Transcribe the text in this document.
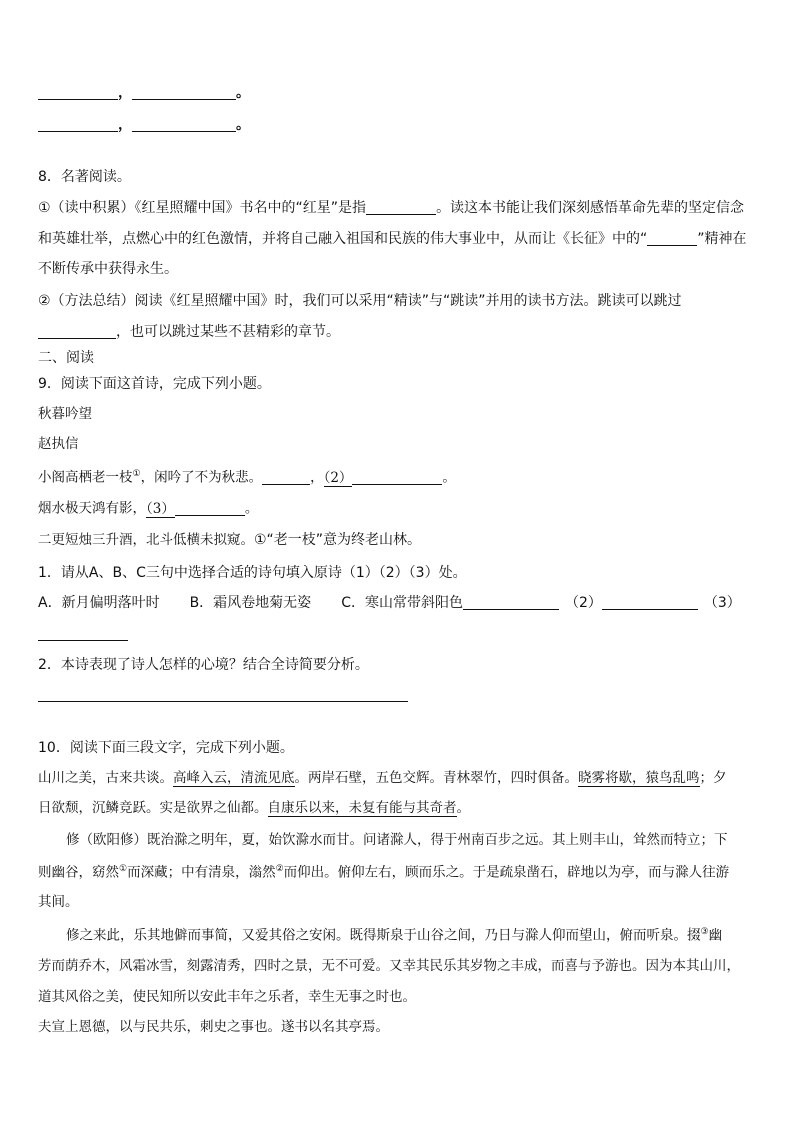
，	。
，	。
8．名著阅读。
①（读中积累）《红星照耀中国》书名中的“红星”是指	。读这本书能让我们深刻感悟革命先辈的坚定信念
和英雄壮举，点燃心中的红色激情，并将自己融入祖国和民族的伟大事业中，从而让《长征》中的“	”精神在
不断传承中获得永生。
②（方法总结）阅读《红星照耀中国》时，我们可以采用“精读”与“跳读”并用的读书方法。跳读可以跳过
，也可以跳过某些不甚精彩的章节。
二、阅读
9．阅读下面这首诗，完成下列小题。
秋暮吟望
赵执信
小阁高栖老一枝①，闲吟了不为秋悲。	，（2）	。
烟水极天鸿有影，（3）	。
二更短烛三升酒，北斗低横未拟窥。①“老一枝”意为终老山林。
1．请从A、B、C三句中选择合适的诗句填入原诗（1）（2）（3）处。
A．新月偏明落叶时 B．霜风卷地菊无姿 C．寒山常带斜阳色	（2）	（3）
2．本诗表现了诗人怎样的心境？结合全诗简要分析。
10．阅读下面三段文字，完成下列小题。
山川之美，古来共谈。高峰入云，清流见底。两岸石壁，五色交辉。青林翠竹，四时俱备。晓雾将歇，猿鸟乱鸣；夕
日欲颓，沉鳞竞跃。实是欲界之仙都。自康乐以来，未复有能与其奇者。
修（欧阳修）既治滁之明年，夏，始饮滁水而甘。问诸滁人，得于州南百步之远。其上则丰山，耸然而特立；下
则幽谷，窈然①而深藏；中有清泉，滃然②而仰出。俯仰左右，顾而乐之。于是疏泉凿石，辟地以为亭，而与滁人往游
其间。
修之来此，乐其地僻而事简，又爱其俗之安闲。既得斯泉于山谷之间，乃日与滁人仰而望山，俯而听泉。掇③幽
芳而荫乔木，风霜冰雪，刻露清秀，四时之景，无不可爱。又幸其民乐其岁物之丰成，而喜与予游也。因为本其山川，
道其风俗之美，使民知所以安此丰年之乐者，幸生无事之时也。
夫宣上恩德，以与民共乐，刺史之事也。遂书以名其亭焉。
